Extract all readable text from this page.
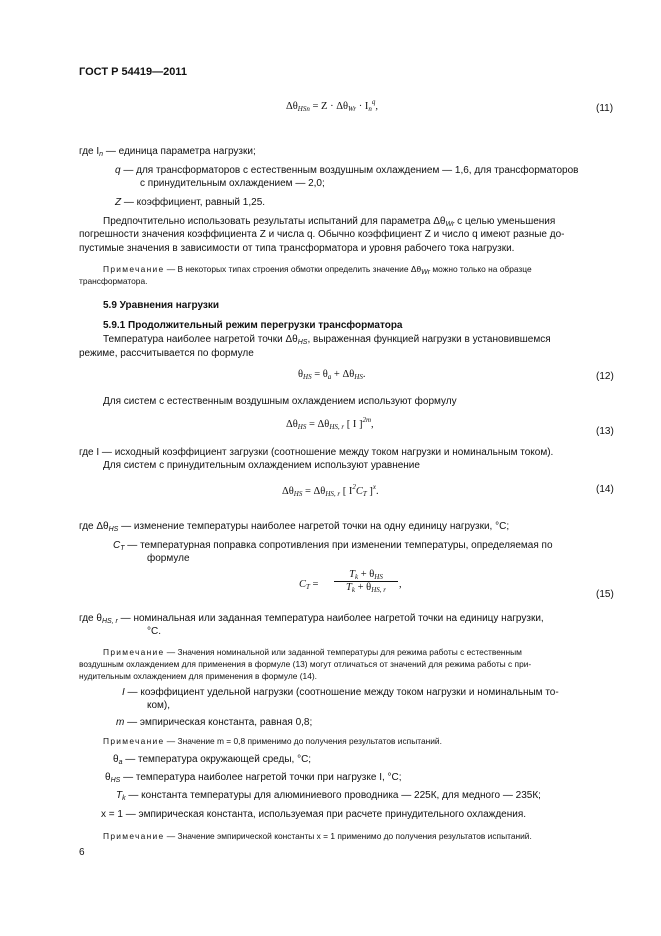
ГОСТ Р 54419—2011
$\Delta\theta_{HSn} = Z \cdot \Delta\theta_{Wr} \cdot I_n^q$,	(11)
где $I_n$ — единица параметра нагрузки;
q — для трансформаторов с естественным воздушным охлаждением — 1,6, для трансформаторов
с принудительным охлаждением — 2,0;
Z — коэффициент, равный 1,25.
Предпочтительно использовать результаты испытаний для параметра $\Delta\theta_{Wr}$ с целью уменьшения
погрешности значения коэффициента Z и числа q. Обычно коэффициент Z и число q имеют разные до-
пустимые значения в зависимости от типа трансформатора и уровня рабочего тока нагрузки.
Примечание — В некоторых типах строения обмотки определить значение $\Delta\theta_{Wr}$ можно только на образце
трансформатора.
5.9 Уравнения нагрузки
5.9.1 Продолжительный режим перегрузки трансформатора
Температура наиболее нагретой точки $\Delta\theta_{HS}$, выраженная функцией нагрузки в установившемся
режиме, рассчитывается по формуле
$\theta_{HS} = \theta_a + \Delta\theta_{HS}$.	(12)
Для систем с естественным воздушным охлаждением используют формулу
$\Delta\theta_{HS} = \Delta\theta_{HS, r}$ [ I ]$^{2m}$,
(13)
где I — исходный коэффициент загрузки (соотношение между током нагрузки и номинальным током).
Для систем с принудительным охлаждением используют уравнение
$\Delta\theta_{HS} = \Delta\theta_{HS, r}$ [ $I^2C_T$ ]$^x$.	(14)
где $\Delta\theta_{HS}$ — изменение температуры наиболее нагретой точки на одну единицу нагрузки, °С;
$C_T$ — температурная поправка сопротивления при изменении температуры, определяемая по
формуле
$C_T$ =
$T_k + \theta_{HS}$
$T_k + \theta_{HS, r}$ ,
(15)
где $\theta_{HS, r}$ — номинальная или заданная температура наиболее нагретой точки на единицу нагрузки,
°С.
Примечание — Значения номинальной или заданной температуры для режима работы с естественным
воздушным охлаждением для применения в формуле (13) могут отличаться от значений для режима работы с при-
нудительным охлаждением для применения в формуле (14).
I — коэффициент удельной нагрузки (соотношение между током нагрузки и номинальным то-
ком),
m — эмпирическая константа, равная 0,8;
Примечание — Значение m = 0,8 применимо до получения результатов испытаний.
$\theta_a$ — температура окружающей среды, °С;
$\theta_{HS}$ — температура наиболее нагретой точки при нагрузке I, °С;
$T_k$ — константа температуры для алюминиевого проводника — 225К, для медного — 235К;
x = 1 — эмпирическая константа, используемая при расчете принудительного охлаждения.
Примечание — Значение эмпирической константы x = 1 применимо до получения результатов испытаний.
6
